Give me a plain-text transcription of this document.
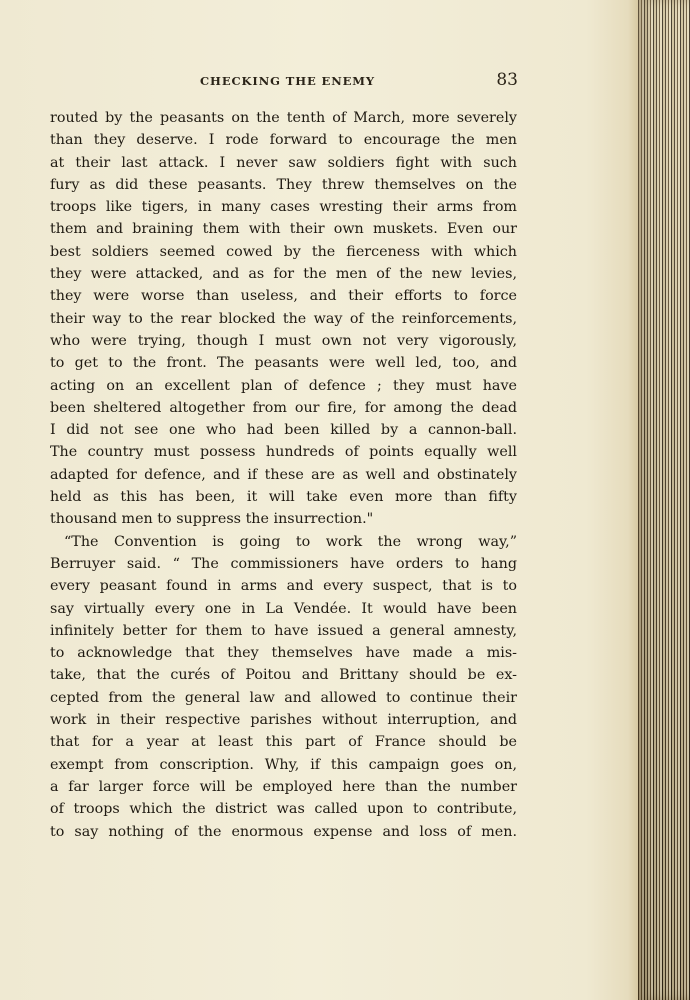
CHECKING THE ENEMY	83
routed by the peasants on the tenth of March, more severely
than they deserve. I rode forward to encourage the men
at their last attack. I never saw soldiers fight with such
fury as did these peasants. They threw themselves on the
troops like tigers, in many cases wresting their arms from
them and braining them with their own muskets. Even our
best soldiers seemed cowed by the fierceness with which
they were attacked, and as for the men of the new levies,
they were worse than useless, and their efforts to force
their way to the rear blocked the way of the reinforcements,
who were trying, though I must own not very vigorously,
to get to the front. The peasants were well led, too, and
acting on an excellent plan of defence ; they must have
been sheltered altogether from our fire, for among the dead
I did not see one who had been killed by a cannon-ball.
The country must possess hundreds of points equally well
adapted for defence, and if these are as well and obstinately
held as this has been, it will take even more than fifty
thousand men to suppress the insurrection."
“The Convention is going to work the wrong way,”
Berruyer said. “ The commissioners have orders to hang
every peasant found in arms and every suspect, that is to
say virtually every one in La Vendée. It would have been
infinitely better for them to have issued a general amnesty,
to acknowledge that they themselves have made a mis-
take, that the curés of Poitou and Brittany should be ex-
cepted from the general law and allowed to continue their
work in their respective parishes without interruption, and
that for a year at least this part of France should be
exempt from conscription. Why, if this campaign goes on,
a far larger force will be employed here than the number
of troops which the district was called upon to contribute,
to say nothing of the enormous expense and loss of men.
